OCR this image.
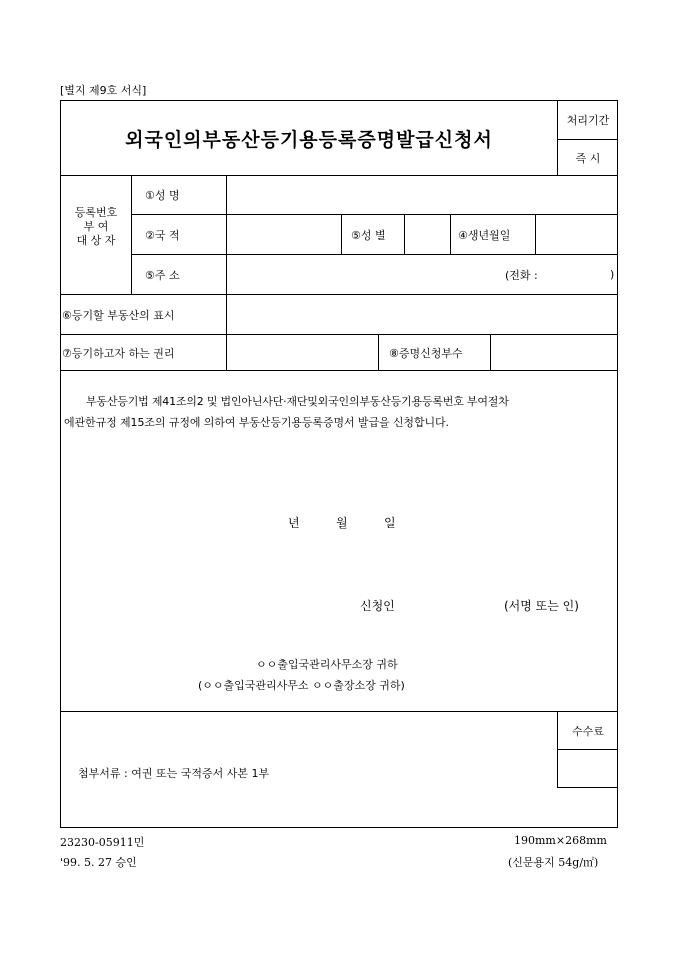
[별지 제9호 서식]
외국인의부동산등기용등록증명발급신청서
처리기간
즉 시
등록번호
부 여
대 상 자
①성 명
②국 적	⑤성 별	④생년월일
⑤주 소	(전화 :	)
⑥등기할 부동산의 표시
⑦등기하고자 하는 권리	⑧증명신청부수
부동산등기법 제41조의2 및 법인아닌사단·재단및외국인의부동산등기용등록번호 부여절차
에관한규정 제15조의 규정에 의하여 부동산등기용등록증명서 발급을 신청합니다.
년	월	일
신청인	(서명 또는 인)
ㅇㅇ출입국관리사무소장 귀하
(ㅇㅇ출입국관리사무소 ㅇㅇ출장소장 귀하)
첨부서류 : 여권 또는 국적증서 사본 1부
수수료
23230-05911민	190mm×268mm
'99. 5. 27 승인	(신문용지 54g/㎡)
